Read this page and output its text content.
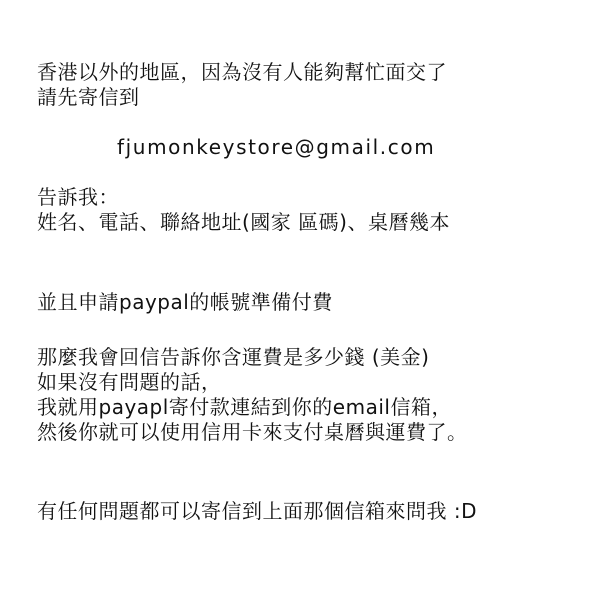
香港以外的地區，因為沒有人能夠幫忙面交了
請先寄信到
fjumonkeystore@gmail.com
告訴我：
姓名、電話、聯絡地址(國家 區碼)、桌曆幾本
並且申請paypal的帳號準備付費
那麼我會回信告訴你含運費是多少錢 (美金)
如果沒有問題的話，
我就用payapl寄付款連結到你的email信箱，
然後你就可以使用信用卡來支付桌曆與運費了。
有任何問題都可以寄信到上面那個信箱來問我 :D
